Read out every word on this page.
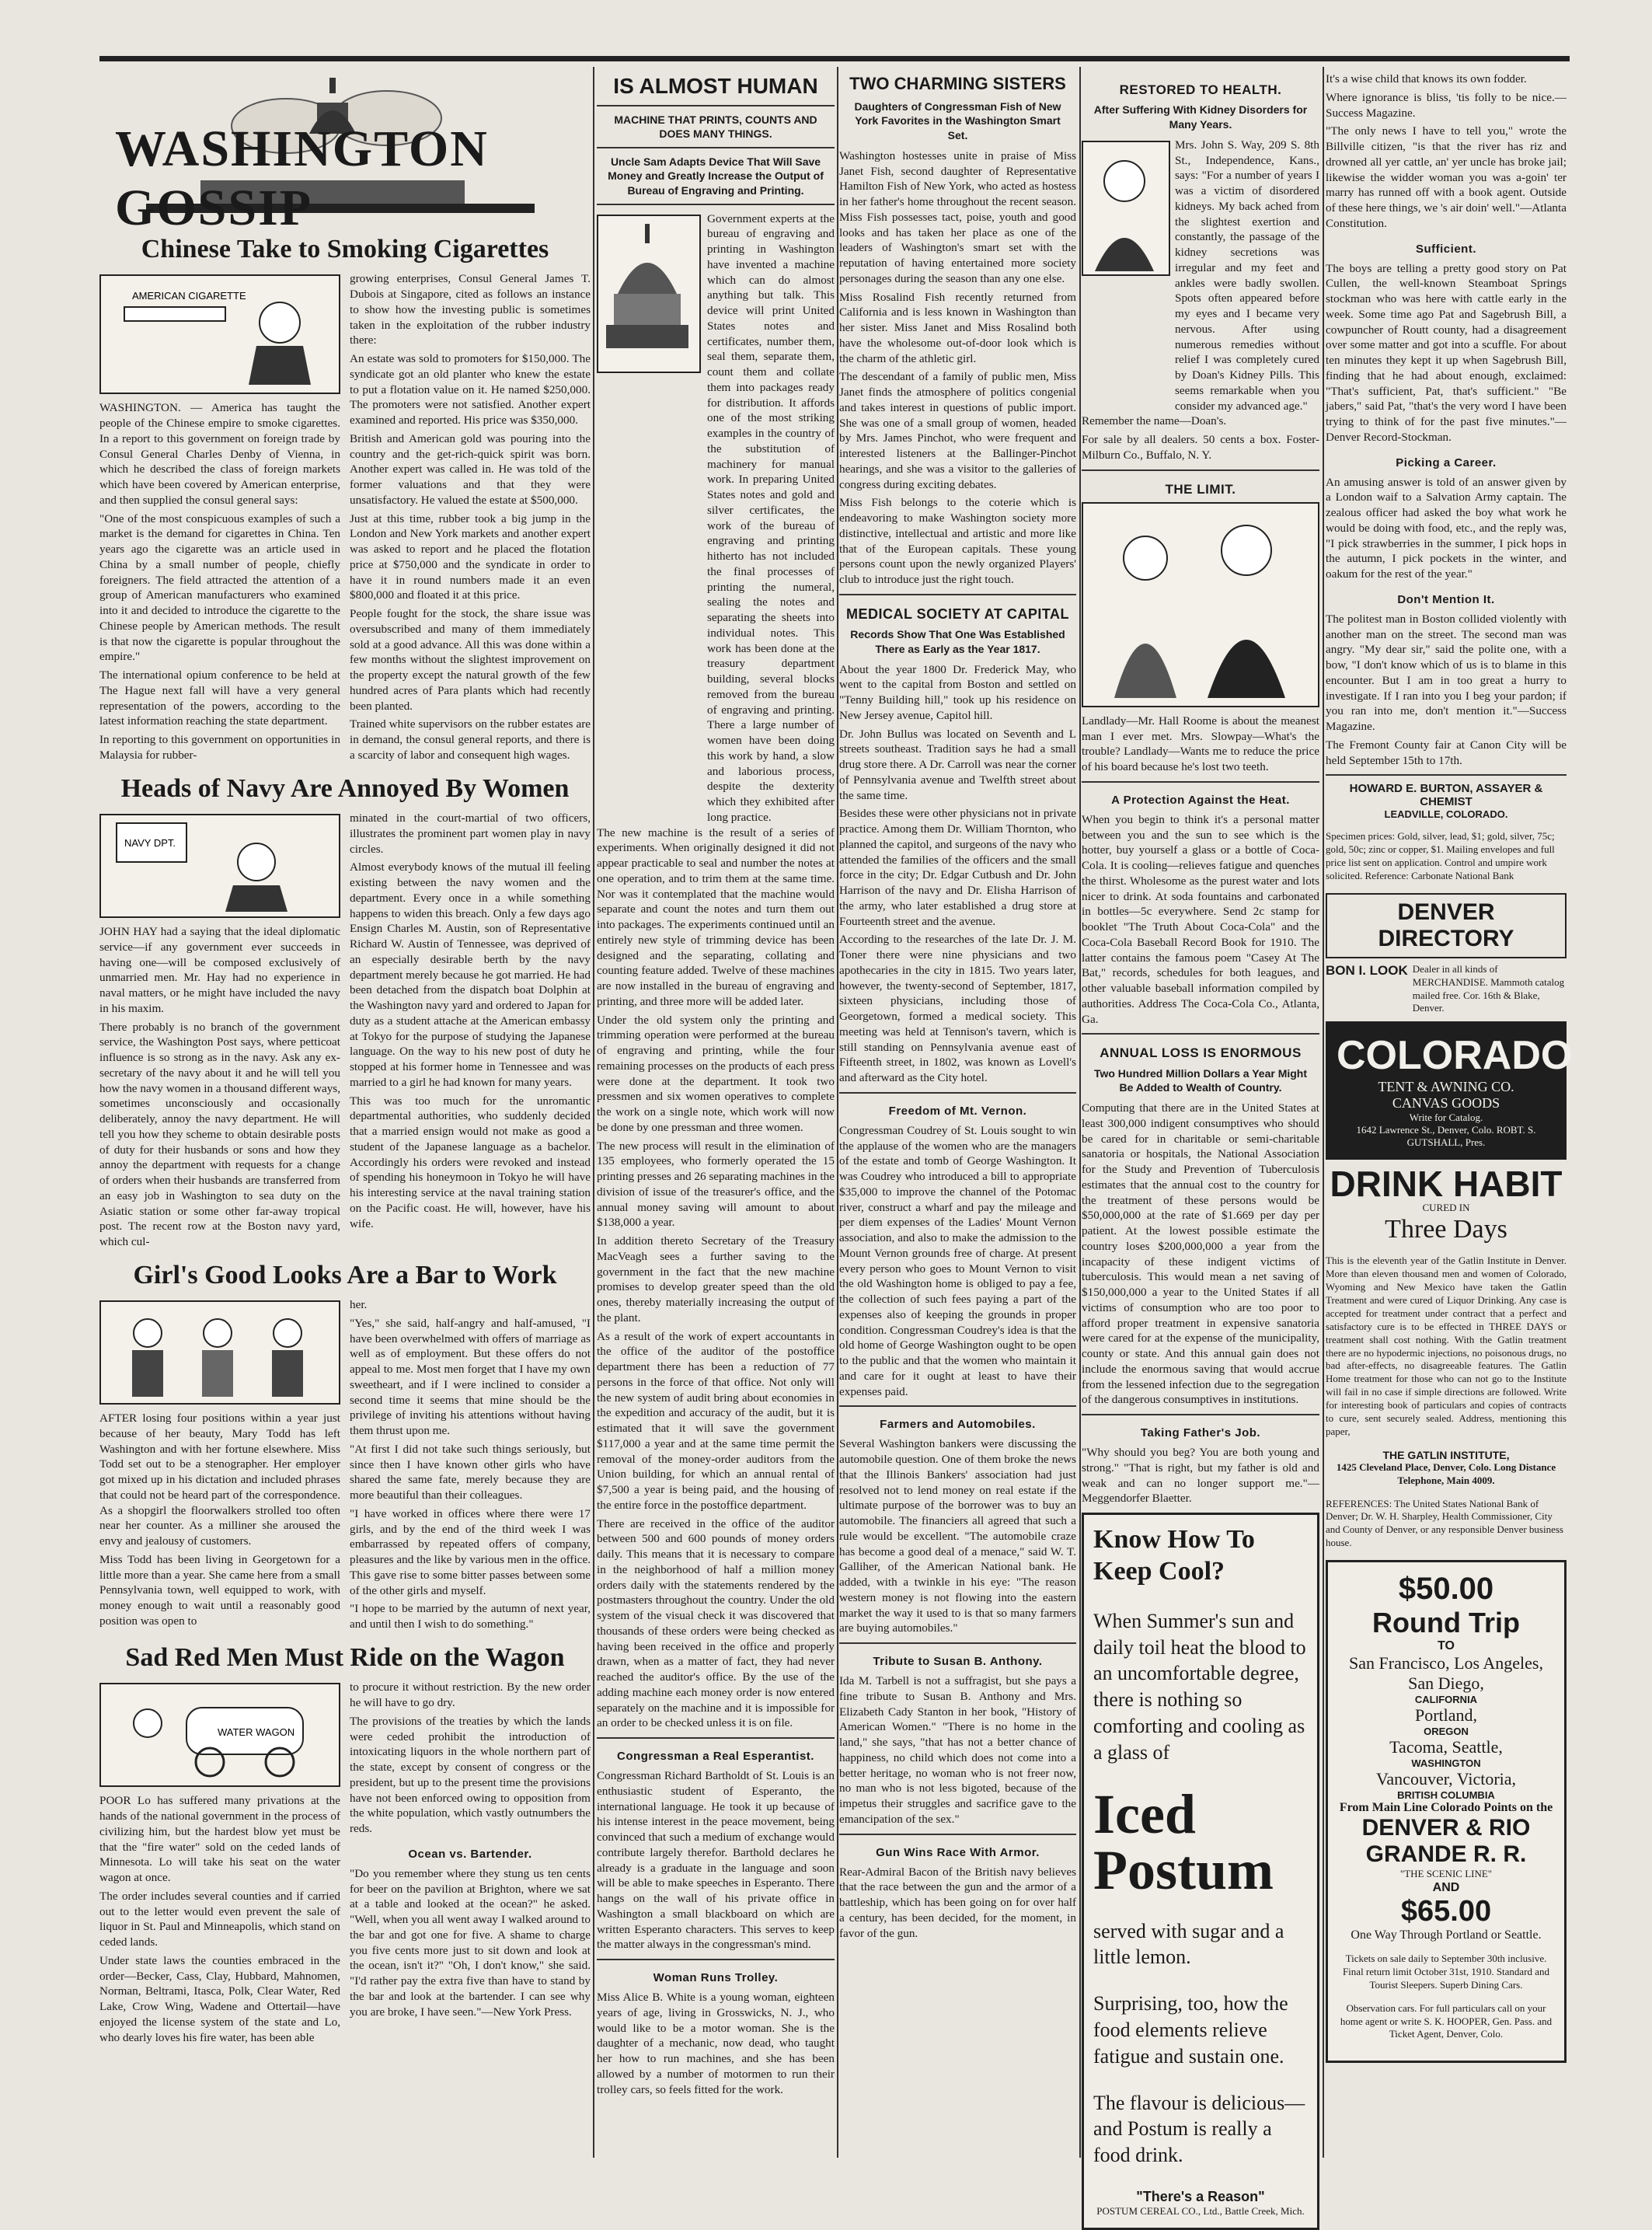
WASHINGTON GOSSIP
Chinese Take to Smoking Cigarettes
AMERICAN CIGARETTE

WASHINGTON. — America has taught the people of the Chinese empire to smoke cigarettes. In a report to this government on foreign trade by Consul General Charles Denby of Vienna, in which he described the class of foreign markets which have been covered by American enterprise, and then supplied the consul general says:

"One of the most conspicuous examples of such a market is the demand for cigarettes in China. Ten years ago the cigarette was an article used in China by a small number of people, chiefly foreigners. The field attracted the attention of a group of American manufacturers who examined into it and decided to introduce the cigarette to the Chinese people by American methods. The result is that now the cigarette is popular throughout the empire."

The international opium conference to be held at The Hague next fall will have a very general representation of the powers, according to the latest information reaching the state department.

In reporting to this government on opportunities in Malaysia for rubber-

growing enterprises, Consul General James T. Dubois at Singapore, cited as follows an instance to show how the investing public is sometimes taken in the exploitation of the rubber industry there:

An estate was sold to promoters for $150,000. The syndicate got an old planter who knew the estate to put a flotation value on it. He named $250,000. The promoters were not satisfied. Another expert examined and reported. His price was $350,000.

British and American gold was pouring into the country and the get-rich-quick spirit was born. Another expert was called in. He was told of the former valuations and that they were unsatisfactory. He valued the estate at $500,000.

Just at this time, rubber took a big jump in the London and New York markets and another expert was asked to report and he placed the flotation price at $750,000 and the syndicate in order to have it in round numbers made it an even $800,000 and floated it at this price.

People fought for the stock, the share issue was oversubscribed and many of them immediately sold at a good advance. All this was done within a few months without the slightest improvement on the property except the natural growth of the few hundred acres of Para plants which had recently been planted.

Trained white supervisors on the rubber estates are in demand, the consul general reports, and there is a scarcity of labor and consequent high wages.

Heads of Navy Are Annoyed By Women
NAVY DPT.

JOHN HAY had a saying that the ideal diplomatic service—if any government ever succeeds in having one—will be composed exclusively of unmarried men. Mr. Hay had no experience in naval matters, or he might have included the navy in his maxim.

There probably is no branch of the government service, the Washington Post says, where petticoat influence is so strong as in the navy. Ask any ex-secretary of the navy about it and he will tell you how the navy women in a thousand different ways, sometimes unconsciously and occasionally deliberately, annoy the navy department. He will tell you how they scheme to obtain desirable posts of duty for their husbands or sons and how they annoy the department with requests for a change of orders when their husbands are transferred from an easy job in Washington to sea duty on the Asiatic station or some other far-away tropical post. The recent row at the Boston navy yard, which cul-

minated in the court-martial of two officers, illustrates the prominent part women play in navy circles.

Almost everybody knows of the mutual ill feeling existing between the navy women and the department. Every once in a while something happens to widen this breach. Only a few days ago Ensign Charles M. Austin, son of Representative Richard W. Austin of Tennessee, was deprived of an especially desirable berth by the navy department merely because he got married. He had been detached from the dispatch boat Dolphin at the Washington navy yard and ordered to Japan for duty as a student attache at the American embassy at Tokyo for the purpose of studying the Japanese language. On the way to his new post of duty he stopped at his former home in Tennessee and was married to a girl he had known for many years.

This was too much for the unromantic departmental authorities, who suddenly decided that a married ensign would not make as good a student of the Japanese language as a bachelor. Accordingly his orders were revoked and instead of spending his honeymoon in Tokyo he will have his interesting service at the naval training station on the Pacific coast. He will, however, have his wife.

Girl's Good Looks Are a Bar to Work

AFTER losing four positions within a year just because of her beauty, Mary Todd has left Washington and with her fortune elsewhere. Miss Todd set out to be a stenographer. Her employer got mixed up in his dictation and included phrases that could not be heard part of the correspondence. As a shopgirl the floorwalkers strolled too often near her counter. As a milliner she aroused the envy and jealousy of customers.

Miss Todd has been living in Georgetown for a little more than a year. She came here from a small Pennsylvania town, well equipped to work, with money enough to wait until a reasonably good position was open to

her.

"Yes," she said, half-angry and half-amused, "I have been overwhelmed with offers of marriage as well as of employment. But these offers do not appeal to me. Most men forget that I have my own sweetheart, and if I were inclined to consider a second time it seems that mine should be the privilege of inviting his attentions without having them thrust upon me.

"At first I did not take such things seriously, but since then I have known other girls who have shared the same fate, merely because they are more beautiful than their colleagues.

"I have worked in offices where there were 17 girls, and by the end of the third week I was embarrassed by repeated offers of company, pleasures and the like by various men in the office. This gave rise to some bitter passes between some of the other girls and myself.

"I hope to be married by the autumn of next year, and until then I wish to do something."

Sad Red Men Must Ride on the Wagon
WATER WAGON

POOR Lo has suffered many privations at the hands of the national government in the process of civilizing him, but the hardest blow yet must be that the "fire water" sold on the ceded lands of Minnesota. Lo will take his seat on the water wagon at once.

The order includes several counties and if carried out to the letter would even prevent the sale of liquor in St. Paul and Minneapolis, which stand on ceded lands.

Under state laws the counties embraced in the order—Becker, Cass, Clay, Hubbard, Mahnomen, Norman, Beltrami, Itasca, Polk, Clear Water, Red Lake, Crow Wing, Wadene and Ottertail—have enjoyed the license system of the state and Lo, who dearly loves his fire water, has been able

to procure it without restriction. By the new order he will have to go dry.

The provisions of the treaties by which the lands were ceded prohibit the introduction of intoxicating liquors in the whole northern part of the state, except by consent of congress or the president, but up to the present time the provisions have not been enforced owing to opposition from the white population, which vastly outnumbers the reds.

Ocean vs. Bartender.

"Do you remember where they stung us ten cents for beer on the pavilion at Brighton, where we sat at a table and looked at the ocean?" he asked. "Well, when you all went away I walked around to the bar and got one for five. A shame to charge you five cents more just to sit down and look at the ocean, isn't it?" "Oh, I don't know," she said. "I'd rather pay the extra five than have to stand by the bar and look at the bartender. I can see why you are broke, I have seen."—New York Press.

IS ALMOST HUMAN
MACHINE THAT PRINTS, COUNTS AND DOES MANY THINGS.
Uncle Sam Adapts Device That Will Save Money and Greatly Increase the Output of Bureau of Engraving and Printing.

Government experts at the bureau of engraving and printing in Washington have invented a machine which can do almost anything but talk. This device will print United States notes and certificates, number them, seal them, separate them, count them and collate them into packages ready for distribution. It affords one of the most striking examples in the country of the substitution of machinery for manual work. In preparing United States notes and gold and silver certificates, the work of the bureau of engraving and printing hitherto has not included the final processes of printing the numeral, sealing the notes and separating the sheets into individual notes. This work has been done at the treasury department building, several blocks removed from the bureau of engraving and printing. There a large number of women have been doing this work by hand, a slow and laborious process, despite the dexterity which they exhibited after long practice.

The new machine is the result of a series of experiments. When originally designed it did not appear practicable to seal and number the notes at one operation, and to trim them at the same time. Nor was it contemplated that the machine would separate and count the notes and turn them out into packages. The experiments continued until an entirely new style of trimming device has been designed and the separating, collating and counting feature added. Twelve of these machines are now installed in the bureau of engraving and printing, and three more will be added later.

Under the old system only the printing and trimming operation were performed at the bureau of engraving and printing, while the four remaining processes on the products of each press were done at the department. It took two pressmen and six women operatives to complete the work on a single note, which work will now be done by one pressman and three women.

The new process will result in the elimination of 135 employees, who formerly operated the 15 printing presses and 26 separating machines in the division of issue of the treasurer's office, and the annual money saving will amount to about $138,000 a year.

In addition thereto Secretary of the Treasury MacVeagh sees a further saving to the government in the fact that the new machine promises to develop greater speed than the old ones, thereby materially increasing the output of the plant.

As a result of the work of expert accountants in the office of the auditor of the postoffice department there has been a reduction of 77 persons in the force of that office. Not only will the new system of audit bring about economies in the expedition and accuracy of the audit, but it is estimated that it will save the government $117,000 a year and at the same time permit the removal of the money-order auditors from the Union building, for which an annual rental of $7,500 a year is being paid, and the housing of the entire force in the postoffice department.

There are received in the office of the auditor between 500 and 600 pounds of money orders daily. This means that it is necessary to compare in the neighborhood of half a million money orders daily with the statements rendered by the postmasters throughout the country. Under the old system of the visual check it was discovered that thousands of these orders were being checked as having been received in the office and properly drawn, when as a matter of fact, they had never reached the auditor's office. By the use of the adding machine each money order is now entered separately on the machine and it is impossible for an order to be checked unless it is on file.

Congressman a Real Esperantist.

Congressman Richard Bartholdt of St. Louis is an enthusiastic student of Esperanto, the international language. He took it up because of his intense interest in the peace movement, being convinced that such a medium of exchange would contribute largely therefor. Barthold declares he already is a graduate in the language and soon will be able to make speeches in Esperanto. There hangs on the wall of his private office in Washington a small blackboard on which are written Esperanto characters. This serves to keep the matter always in the congressman's mind.

Woman Runs Trolley.

Miss Alice B. White is a young woman, eighteen years of age, living in Grosswicks, N. J., who would like to be a motor woman. She is the daughter of a mechanic, now dead, who taught her how to run machines, and she has been allowed by a number of motormen to run their trolley cars, so feels fitted for the work.

TWO CHARMING SISTERS
Daughters of Congressman Fish of New York Favorites in the Washington Smart Set.

Washington hostesses unite in praise of Miss Janet Fish, second daughter of Representative Hamilton Fish of New York, who acted as hostess in her father's home throughout the recent season. Miss Fish possesses tact, poise, youth and good looks and has taken her place as one of the leaders of Washington's smart set with the reputation of having entertained more society personages during the season than any one else.

Miss Rosalind Fish recently returned from California and is less known in Washington than her sister. Miss Janet and Miss Rosalind both have the wholesome out-of-door look which is the charm of the athletic girl.

The descendant of a family of public men, Miss Janet finds the atmosphere of politics congenial and takes interest in questions of public import. She was one of a small group of women, headed by Mrs. James Pinchot, who were frequent and interested listeners at the Ballinger-Pinchot hearings, and she was a visitor to the galleries of congress during exciting debates.

Miss Fish belongs to the coterie which is endeavoring to make Washington society more distinctive, intellectual and artistic and more like that of the European capitals. These young persons count upon the newly organized Players' club to introduce just the right touch.

MEDICAL SOCIETY AT CAPITAL
Records Show That One Was Established There as Early as the Year 1817.

About the year 1800 Dr. Frederick May, who went to the capital from Boston and settled on "Tenny Building hill," took up his residence on New Jersey avenue, Capitol hill.

Dr. John Bullus was located on Seventh and L streets southeast. Tradition says he had a small drug store there. A Dr. Carroll was near the corner of Pennsylvania avenue and Twelfth street about the same time.

Besides these were other physicians not in private practice. Among them Dr. William Thornton, who planned the capitol, and surgeons of the navy who attended the families of the officers and the small force in the city; Dr. Edgar Cutbush and Dr. John Harrison of the navy and Dr. Elisha Harrison of the army, who later established a drug store at Fourteenth street and the avenue.

According to the researches of the late Dr. J. M. Toner there were nine physicians and two apothecaries in the city in 1815. Two years later, however, the twenty-second of September, 1817, sixteen physicians, including those of Georgetown, formed a medical society. This meeting was held at Tennison's tavern, which is still standing on Pennsylvania avenue east of Fifteenth street, in 1802, was known as Lovell's and afterward as the City hotel.

Freedom of Mt. Vernon.

Congressman Coudrey of St. Louis sought to win the applause of the women who are the managers of the estate and tomb of George Washington. It was Coudrey who introduced a bill to appropriate $35,000 to improve the channel of the Potomac river, construct a wharf and pay the mileage and per diem expenses of the Ladies' Mount Vernon association, and also to make the admission to the Mount Vernon grounds free of charge. At present every person who goes to Mount Vernon to visit the old Washington home is obliged to pay a fee, the collection of such fees paying a part of the expenses also of keeping the grounds in proper condition. Congressman Coudrey's idea is that the old home of George Washington ought to be open to the public and that the women who maintain it and care for it ought at least to have their expenses paid.

Farmers and Automobiles.

Several Washington bankers were discussing the automobile question. One of them broke the news that the Illinois Bankers' association had just resolved not to lend money on real estate if the ultimate purpose of the borrower was to buy an automobile. The financiers all agreed that such a rule would be excellent. "The automobile craze has become a good deal of a menace," said W. T. Galliher, of the American National bank. He added, with a twinkle in his eye: "The reason western money is not flowing into the eastern market the way it used to is that so many farmers are buying automobiles."

Tribute to Susan B. Anthony.

Ida M. Tarbell is not a suffragist, but she pays a fine tribute to Susan B. Anthony and Mrs. Elizabeth Cady Stanton in her book, "History of American Women." "There is no home in the land," she says, "that has not a better chance of happiness, no child which does not come into a better heritage, no woman who is not freer now, no man who is not less bigoted, because of the impetus their struggles and sacrifice gave to the emancipation of the sex."

Gun Wins Race With Armor.

Rear-Admiral Bacon of the British navy believes that the race between the gun and the armor of a battleship, which has been going on for over half a century, has been decided, for the moment, in favor of the gun.

RESTORED TO HEALTH.
After Suffering With Kidney Disorders for Many Years.

Mrs. John S. Way, 209 S. 8th St., Independence, Kans., says: "For a number of years I was a victim of disordered kidneys. My back ached from the slightest exertion and constantly, the passage of the kidney secretions was irregular and my feet and ankles were badly swollen. Spots often appeared before my eyes and I became very nervous. After using numerous remedies without relief I was completely cured by Doan's Kidney Pills. This seems remarkable when you consider my advanced age."

Remember the name—Doan's.

For sale by all dealers. 50 cents a box. Foster-Milburn Co., Buffalo, N. Y.

THE LIMIT.

Landlady—Mr. Hall Roome is about the meanest man I ever met. Mrs. Slowpay—What's the trouble? Landlady—Wants me to reduce the price of his board because he's lost two teeth.

A Protection Against the Heat.

When you begin to think it's a personal matter between you and the sun to see which is the hotter, buy yourself a glass or a bottle of Coca-Cola. It is cooling—relieves fatigue and quenches the thirst. Wholesome as the purest water and lots nicer to drink. At soda fountains and carbonated in bottles—5c everywhere. Send 2c stamp for booklet "The Truth About Coca-Cola" and the Coca-Cola Baseball Record Book for 1910. The latter contains the famous poem "Casey At The Bat," records, schedules for both leagues, and other valuable baseball information compiled by authorities. Address The Coca-Cola Co., Atlanta, Ga.

ANNUAL LOSS IS ENORMOUS
Two Hundred Million Dollars a Year Might Be Added to Wealth of Country.

Computing that there are in the United States at least 300,000 indigent consumptives who should be cared for in charitable or semi-charitable sanatoria or hospitals, the National Association for the Study and Prevention of Tuberculosis estimates that the annual cost to the country for the treatment of these persons would be $50,000,000 at the rate of $1.669 per day per patient. At the lowest possible estimate the country loses $200,000,000 a year from the incapacity of these indigent victims of tuberculosis. This would mean a net saving of $150,000,000 a year to the United States if all victims of consumption who are too poor to afford proper treatment in expensive sanatoria were cared for at the expense of the municipality, county or state. And this annual gain does not include the enormous saving that would accrue from the lessened infection due to the segregation of the dangerous consumptives in institutions.

Taking Father's Job.

"Why should you beg? You are both young and strong." "That is right, but my father is old and weak and can no longer support me."—Meggendorfer Blaetter.

Know How To Keep Cool?

When Summer's sun and daily toil heat the blood to an uncomfortable degree, there is nothing so comforting and cooling as a glass of

Iced Postum

served with sugar and a little lemon.

Surprising, too, how the food elements relieve fatigue and sustain one.

The flavour is delicious—and Postum is really a food drink.

"There's a Reason"
POSTUM CEREAL CO., Ltd., Battle Creek, Mich.

It's a wise child that knows its own fodder.

Where ignorance is bliss, 'tis folly to be nice.—Success Magazine.

"The only news I have to tell you," wrote the Billville citizen, "is that the river has riz and drowned all yer cattle, an' yer uncle has broke jail; likewise the widder woman you was a-goin' ter marry has runned off with a book agent. Outside of these here things, we 's air doin' well."—Atlanta Constitution.

Sufficient.

The boys are telling a pretty good story on Pat Cullen, the well-known Steamboat Springs stockman who was here with cattle early in the week. Some time ago Pat and Sagebrush Bill, a cowpuncher of Routt county, had a disagreement over some matter and got into a scuffle. For about ten minutes they kept it up when Sagebrush Bill, finding that he had about enough, exclaimed: "That's sufficient, Pat, that's sufficient." "Be jabers," said Pat, "that's the very word I have been trying to think of for the past five minutes."—Denver Record-Stockman.

Picking a Career.

An amusing answer is told of an answer given by a London waif to a Salvation Army captain. The zealous officer had asked the boy what work he would be doing with food, etc., and the reply was, "I pick strawberries in the summer, I pick hops in the autumn, I pick pockets in the winter, and oakum for the rest of the year."

Don't Mention It.

The politest man in Boston collided violently with another man on the street. The second man was angry. "My dear sir," said the polite one, with a bow, "I don't know which of us is to blame in this encounter. But I am in too great a hurry to investigate. If I ran into you I beg your pardon; if you ran into me, don't mention it."—Success Magazine.

The Fremont County fair at Canon City will be held September 15th to 17th.

HOWARD E. BURTON, ASSAYER & CHEMIST
LEADVILLE, COLORADO.

Specimen prices: Gold, silver, lead, $1; gold, silver, 75c; gold, 50c; zinc or copper, $1. Mailing envelopes and full price list sent on application. Control and umpire work solicited. Reference: Carbonate National Bank

DENVER DIRECTORY
BON I. LOOK Dealer in all kinds of MERCHANDISE. Mammoth catalog mailed free. Cor. 16th & Blake, Denver.
COLORADO
TENT & AWNING CO.
CANVAS GOODS
Write for Catalog.
1642 Lawrence St., Denver, Colo. ROBT. S. GUTSHALL, Pres.
DRINK HABIT
CURED IN
Three Days

This is the eleventh year of the Gatlin Institute in Denver. More than eleven thousand men and women of Colorado, Wyoming and New Mexico have taken the Gatlin Treatment and were cured of Liquor Drinking. Any case is accepted for treatment under contract that a perfect and satisfactory cure is to be effected in THREE DAYS or treatment shall cost nothing. With the Gatlin treatment there are no hypodermic injections, no poisonous drugs, no bad after-effects, no disagreeable features. The Gatlin Home treatment for those who can not go to the Institute will fail in no case if simple directions are followed. Write for interesting book of particulars and copies of contracts to cure, sent securely sealed. Address, mentioning this paper,

THE GATLIN INSTITUTE,
1425 Cleveland Place, Denver, Colo. Long Distance Telephone, Main 4009.

REFERENCES: The United States National Bank of Denver; Dr. W. H. Sharpley, Health Commissioner, City and County of Denver, or any responsible Denver business house.

$50.00
Round Trip
TO
San Francisco, Los Angeles, San Diego,
CALIFORNIA
Portland,
OREGON
Tacoma, Seattle,
WASHINGTON
Vancouver, Victoria,
BRITISH COLUMBIA
From Main Line Colorado Points on the
DENVER & RIO GRANDE R. R.
"THE SCENIC LINE"
AND
$65.00
One Way Through Portland or Seattle.

Tickets on sale daily to September 30th inclusive. Final return limit October 31st, 1910. Standard and Tourist Sleepers. Superb Dining Cars.

Observation cars. For full particulars call on your home agent or write S. K. HOOPER, Gen. Pass. and Ticket Agent, Denver, Colo.
